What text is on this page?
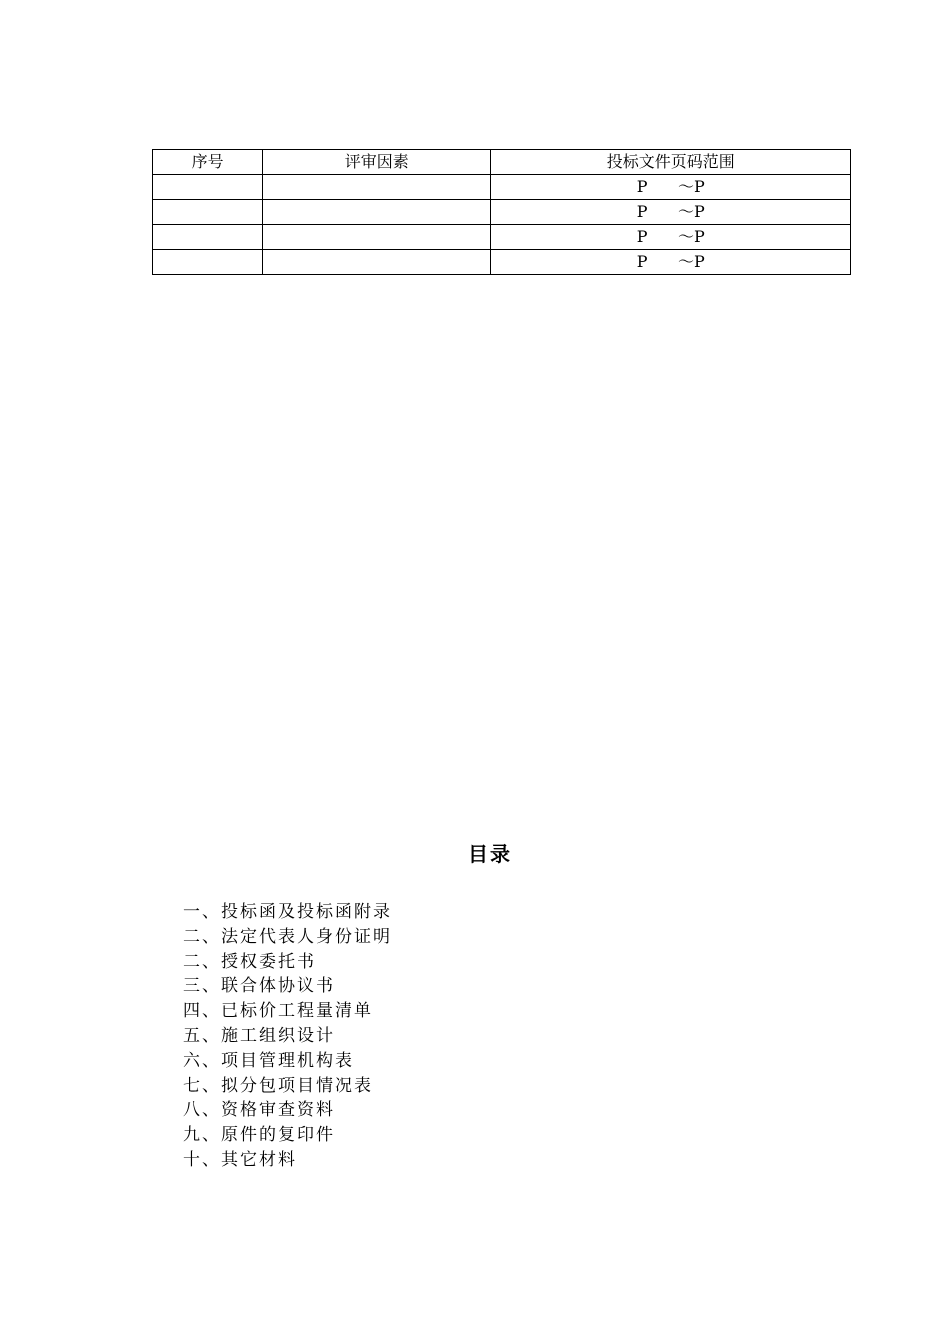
序号	评审因素	投标文件页码范围
		P      ～P
		P      ～P
		P      ～P
		P      ～P
目录
一、投标函及投标函附录
二、法定代表人身份证明
二、授权委托书
三、联合体协议书
四、已标价工程量清单
五、施工组织设计
六、项目管理机构表
七、拟分包项目情况表
八、资格审查资料
九、原件的复印件
十、其它材料
